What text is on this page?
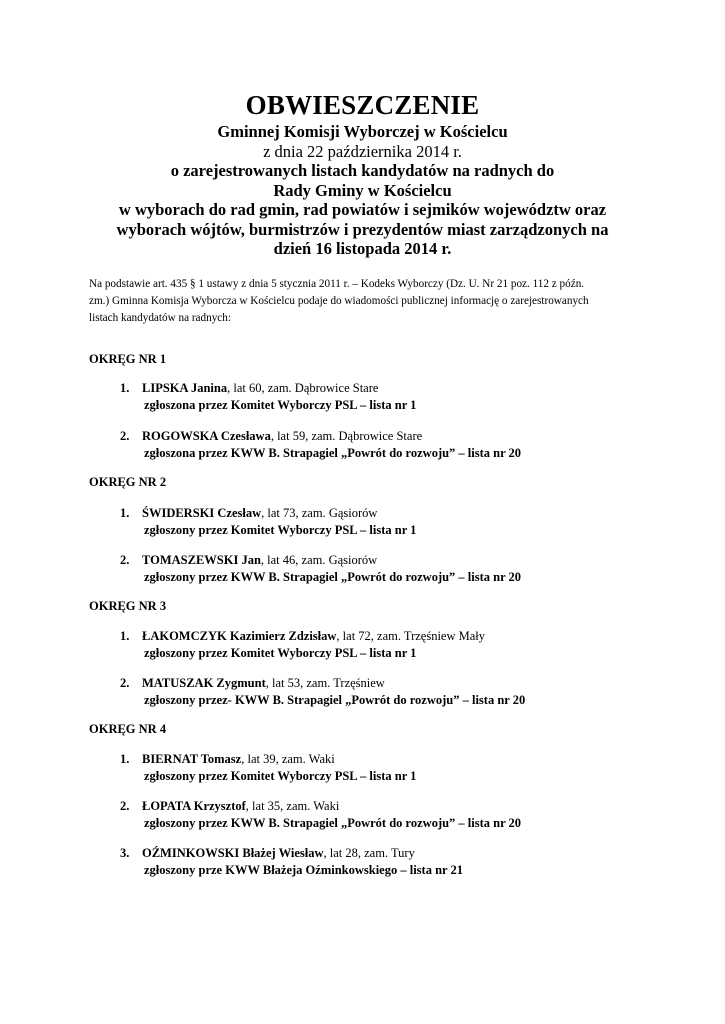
OBWIESZCZENIE
Gminnej Komisji Wyborczej w Kościelcu
z dnia 22 października 2014 r.
o zarejestrowanych listach kandydatów na radnych do
Rady Gminy w Kościelcu
w wyborach do rad gmin, rad powiatów i sejmików województw oraz
wyborach wójtów, burmistrzów i prezydentów miast zarządzonych na
dzień 16 listopada 2014 r.
Na podstawie art. 435 § 1 ustawy z dnia 5 stycznia 2011 r. – Kodeks Wyborczy (Dz. U. Nr 21 poz. 112 z późn.
zm.) Gminna Komisja Wyborcza w Kościelcu podaje do wiadomości publicznej informację o zarejestrowanych
listach kandydatów na radnych:
OKRĘG NR 1
1. LIPSKA Janina, lat 60, zam. Dąbrowice Stare
zgłoszona przez Komitet Wyborczy PSL – lista nr 1
2. ROGOWSKA Czesława, lat 59, zam. Dąbrowice Stare
zgłoszona przez KWW B. Strapagiel „Powrót do rozwoju” – lista nr 20
OKRĘG NR 2
1. ŚWIDERSKI Czesław, lat 73, zam. Gąsiorów
zgłoszony przez Komitet Wyborczy PSL – lista nr 1
2. TOMASZEWSKI Jan, lat 46, zam. Gąsiorów
zgłoszony przez KWW B. Strapagiel „Powrót do rozwoju” – lista nr 20
OKRĘG NR 3
1. ŁAKOMCZYK Kazimierz Zdzisław, lat 72, zam. Trzęśniew Mały
zgłoszony przez Komitet Wyborczy PSL – lista nr 1
2. MATUSZAK Zygmunt, lat 53, zam. Trzęśniew
zgłoszony przez- KWW B. Strapagiel „Powrót do rozwoju” – lista nr 20
OKRĘG NR 4
1. BIERNAT Tomasz, lat 39, zam. Waki
zgłoszony przez Komitet Wyborczy PSL – lista nr 1
2. ŁOPATA Krzysztof, lat 35, zam. Waki
zgłoszony przez KWW B. Strapagiel „Powrót do rozwoju” – lista nr 20
3. OŹMINKOWSKI Błażej Wiesław, lat 28, zam. Tury
zgłoszony prze KWW Błażeja Oźminkowskiego – lista nr 21
